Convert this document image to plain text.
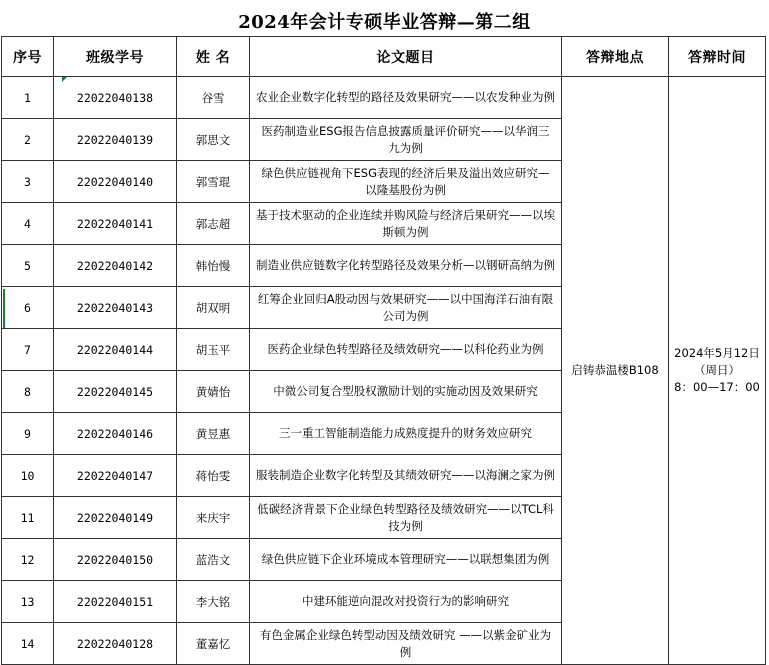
2024年会计专硕毕业答辩—第二组
序号	班级学号	姓 名	论文题目	答辩地点	答辩时间
1	22022040138	谷雪	农业企业数字化转型的路径及效果研究——以农发种业为例	启铸恭温楼B108	2024年5月12日
（周日）
8：00—17：00

2	22022040139	郭思文	医药制造业ESG报告信息披露质量评价研究——以华润三九为例		
3	22022040140	郭雪琨	绿色供应链视角下ESG表现的经济后果及溢出效应研究—以隆基股份为例		
4	22022040141	郭志超	基于技术驱动的企业连续并购风险与经济后果研究——以埃斯顿为例		
5	22022040142	韩怡慢	制造业供应链数字化转型路径及效果分析—以钢研高纳为例		
6	22022040143	胡双明	红筹企业回归A股动因与效果研究——以中国海洋石油有限公司为例		
7	22022040144	胡玉平	医药企业绿色转型路径及绩效研究——以科伦药业为例		
8	22022040145	黄婧怡	中微公司复合型股权激励计划的实施动因及效果研究		
9	22022040146	黄昱惠	三一重工智能制造能力成熟度提升的财务效应研究		
10	22022040147	蒋怡雯	服装制造企业数字化转型及其绩效研究——以海澜之家为例		
11	22022040149	来庆宇	低碳经济背景下企业绿色转型路径及绩效研究——以TCL科技为例		
12	22022040150	蓝浩文	绿色供应链下企业环境成本管理研究——以联想集团为例		
13	22022040151	李大铭	中建环能逆向混改对投资行为的影响研究		
14	22022040128	董嘉忆	有色金属企业绿色转型动因及绩效研究 ——以紫金矿业为例		
